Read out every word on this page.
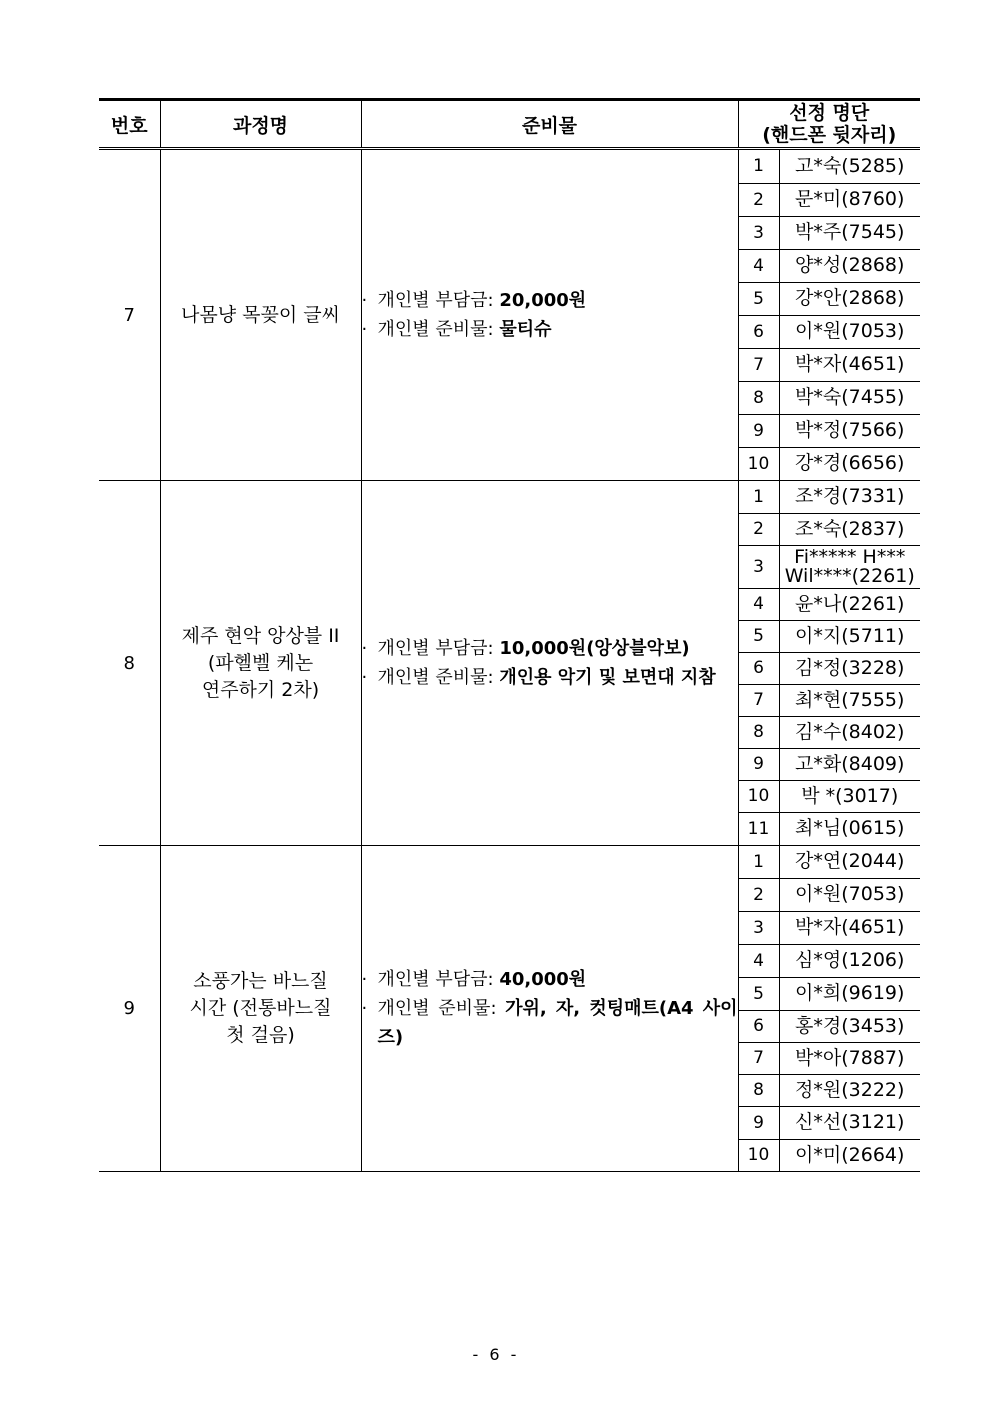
번호	과정명	준비물	
선정 명단
(핸드폰 뒷자리)

7	나몸냥 목꽂이 글씨

· 개인별 부담금: 20,000원
· 개인별 준비물: 물티슈

1	고*숙(5285)
2	문*미(8760)
3	박*주(7545)
4	양*성(2868)
5	강*안(2868)
6	이*원(7053)
7	박*자(4651)
8	박*숙(7455)
9	박*정(7566)
10	강*경(6656)

8	
제주 현악 앙상블 II
(파헬벨 케논
연주하기 2차)

· 개인별 부담금: 10,000원(앙상블악보)
· 개인별 준비물: 개인용 악기 및 보면대 지참

1	조*경(7331)
2	조*숙(2837)
3	Fi***** H*** Wil****(2261)
4	윤*나(2261)
5	이*지(5711)
6	김*정(3228)
7	최*현(7555)
8	김*수(8402)
9	고*화(8409)
10	박 *(3017)
11	최*님(0615)

9	
소풍가는 바느질
시간 (전통바느질
첫 걸음)

· 개인별 부담금: 40,000원
· 개인별 준비물: 가위, 자, 컷팅매트(A4 사이즈)

1	강*연(2044)
2	이*원(7053)
3	박*자(4651)
4	심*영(1206)
5	이*희(9619)
6	홍*경(3453)
7	박*아(7887)
8	정*원(3222)
9	신*선(3121)
10	이*미(2664)
- 6 -
